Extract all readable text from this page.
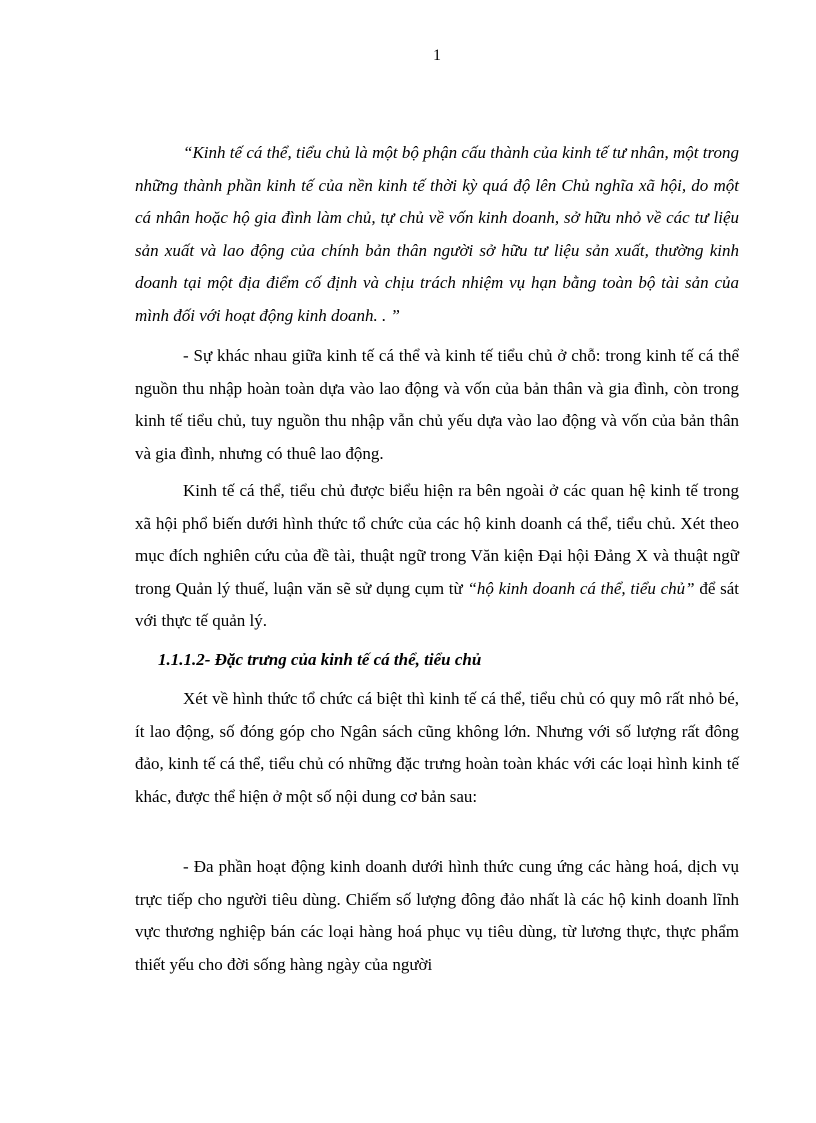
1
“Kinh tế cá thể, tiểu chủ là một bộ phận cấu thành của kinh tế tư nhân, một trong những thành phần kinh tế của nền kinh tế thời kỳ quá độ lên Chủ nghĩa xã hội, do một cá nhân hoặc hộ gia đình làm chủ, tự chủ về vốn kinh doanh, sở hữu nhỏ về các tư liệu sản xuất và lao động của chính bản thân người sở hữu tư liệu sản xuất, thường kinh doanh tại một địa điểm cố định và chịu trách nhiệm vụ hạn bằng toàn bộ tài sản của mình đối với hoạt động kinh doanh. . ”
- Sự khác nhau giữa kinh tế cá thể và kinh tế tiểu chủ ở chỗ: trong kinh tế cá thể nguồn thu nhập hoàn toàn dựa vào lao động và vốn của bản thân và gia đình, còn trong kinh tế tiểu chủ, tuy nguồn thu nhập vẫn chủ yếu dựa vào lao động và vốn của bản thân và gia đình, nhưng có thuê lao động.
Kinh tế cá thể, tiểu chủ được biểu hiện ra bên ngoài ở các quan hệ kinh tế trong xã hội phổ biến dưới hình thức tổ chức của các hộ kinh doanh cá thể, tiểu chủ. Xét theo mục đích nghiên cứu của đề tài, thuật ngữ trong Văn kiện Đại hội Đảng X và thuật ngữ trong Quản lý thuế, luận văn sẽ sử dụng cụm từ “hộ kinh doanh cá thể, tiểu chủ” để sát với thực tế quản lý.
1.1.1.2- Đặc trưng của kinh tế cá thể, tiểu chủ
Xét về hình thức tổ chức cá biệt thì kinh tế cá thể, tiểu chủ có quy mô rất nhỏ bé, ít lao động, số đóng góp cho Ngân sách cũng không lớn. Nhưng với số lượng rất đông đảo, kinh tế cá thể, tiểu chủ có những đặc trưng hoàn toàn khác với các loại hình kinh tế khác, được thể hiện ở một số nội dung cơ bản sau:
- Đa phần hoạt động kinh doanh dưới hình thức cung ứng các hàng hoá, dịch vụ trực tiếp cho người tiêu dùng. Chiếm số lượng đông đảo nhất là các hộ kinh doanh lĩnh vực thương nghiệp bán các loại hàng hoá phục vụ tiêu dùng, từ lương thực, thực phẩm thiết yếu cho đời sống hàng ngày của người
